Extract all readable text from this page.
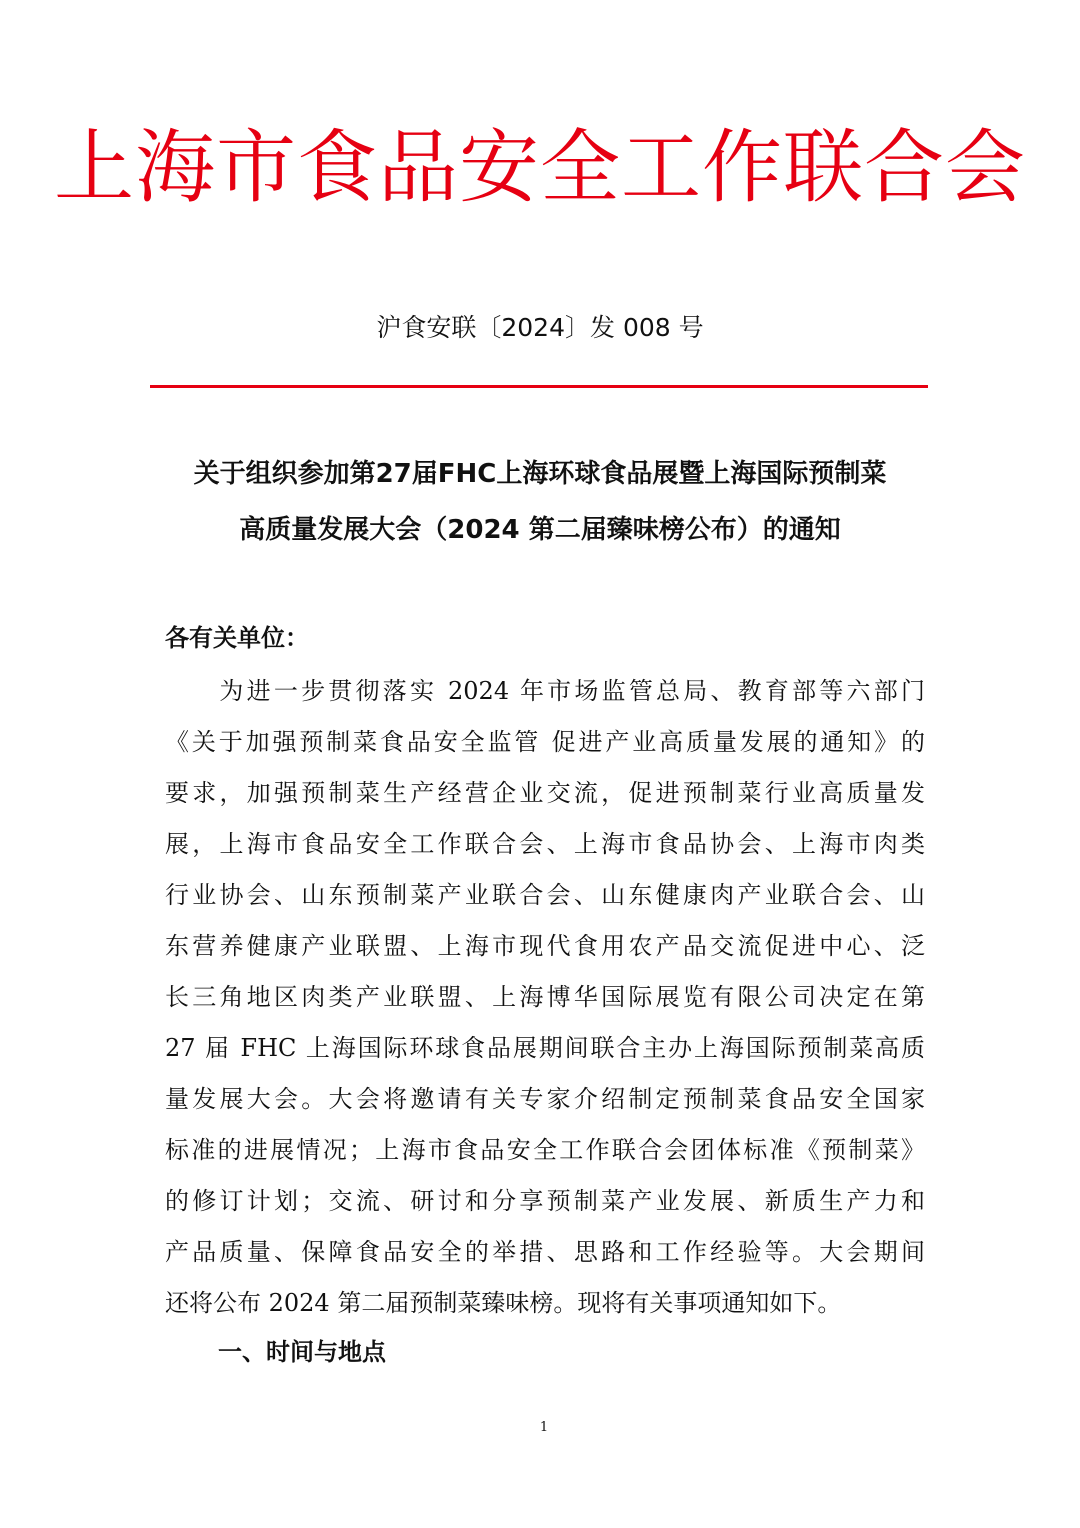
上海市食品安全工作联合会
沪食安联〔2024〕发 008 号
关于组织参加第27届FHC上海环球食品展暨上海国际预制菜
高质量发展大会（2024 第二届臻味榜公布）的通知
各有关单位：
　　为进一步贯彻落实 2024 年市场监管总局、教育部等六部门
《关于加强预制菜食品安全监管 促进产业高质量发展的通知》的
要求，加强预制菜生产经营企业交流，促进预制菜行业高质量发
展，上海市食品安全工作联合会、上海市食品协会、上海市肉类
行业协会、山东预制菜产业联合会、山东健康肉产业联合会、山
东营养健康产业联盟、上海市现代食用农产品交流促进中心、泛
长三角地区肉类产业联盟、上海博华国际展览有限公司决定在第
27 届 FHC 上海国际环球食品展期间联合主办上海国际预制菜高质
量发展大会。大会将邀请有关专家介绍制定预制菜食品安全国家
标准的进展情况；上海市食品安全工作联合会团体标准《预制菜》
的修订计划；交流、研讨和分享预制菜产业发展、新质生产力和
产品质量、保障食品安全的举措、思路和工作经验等。大会期间
还将公布 2024 第二届预制菜臻味榜。现将有关事项通知如下。
一、时间与地点
1
